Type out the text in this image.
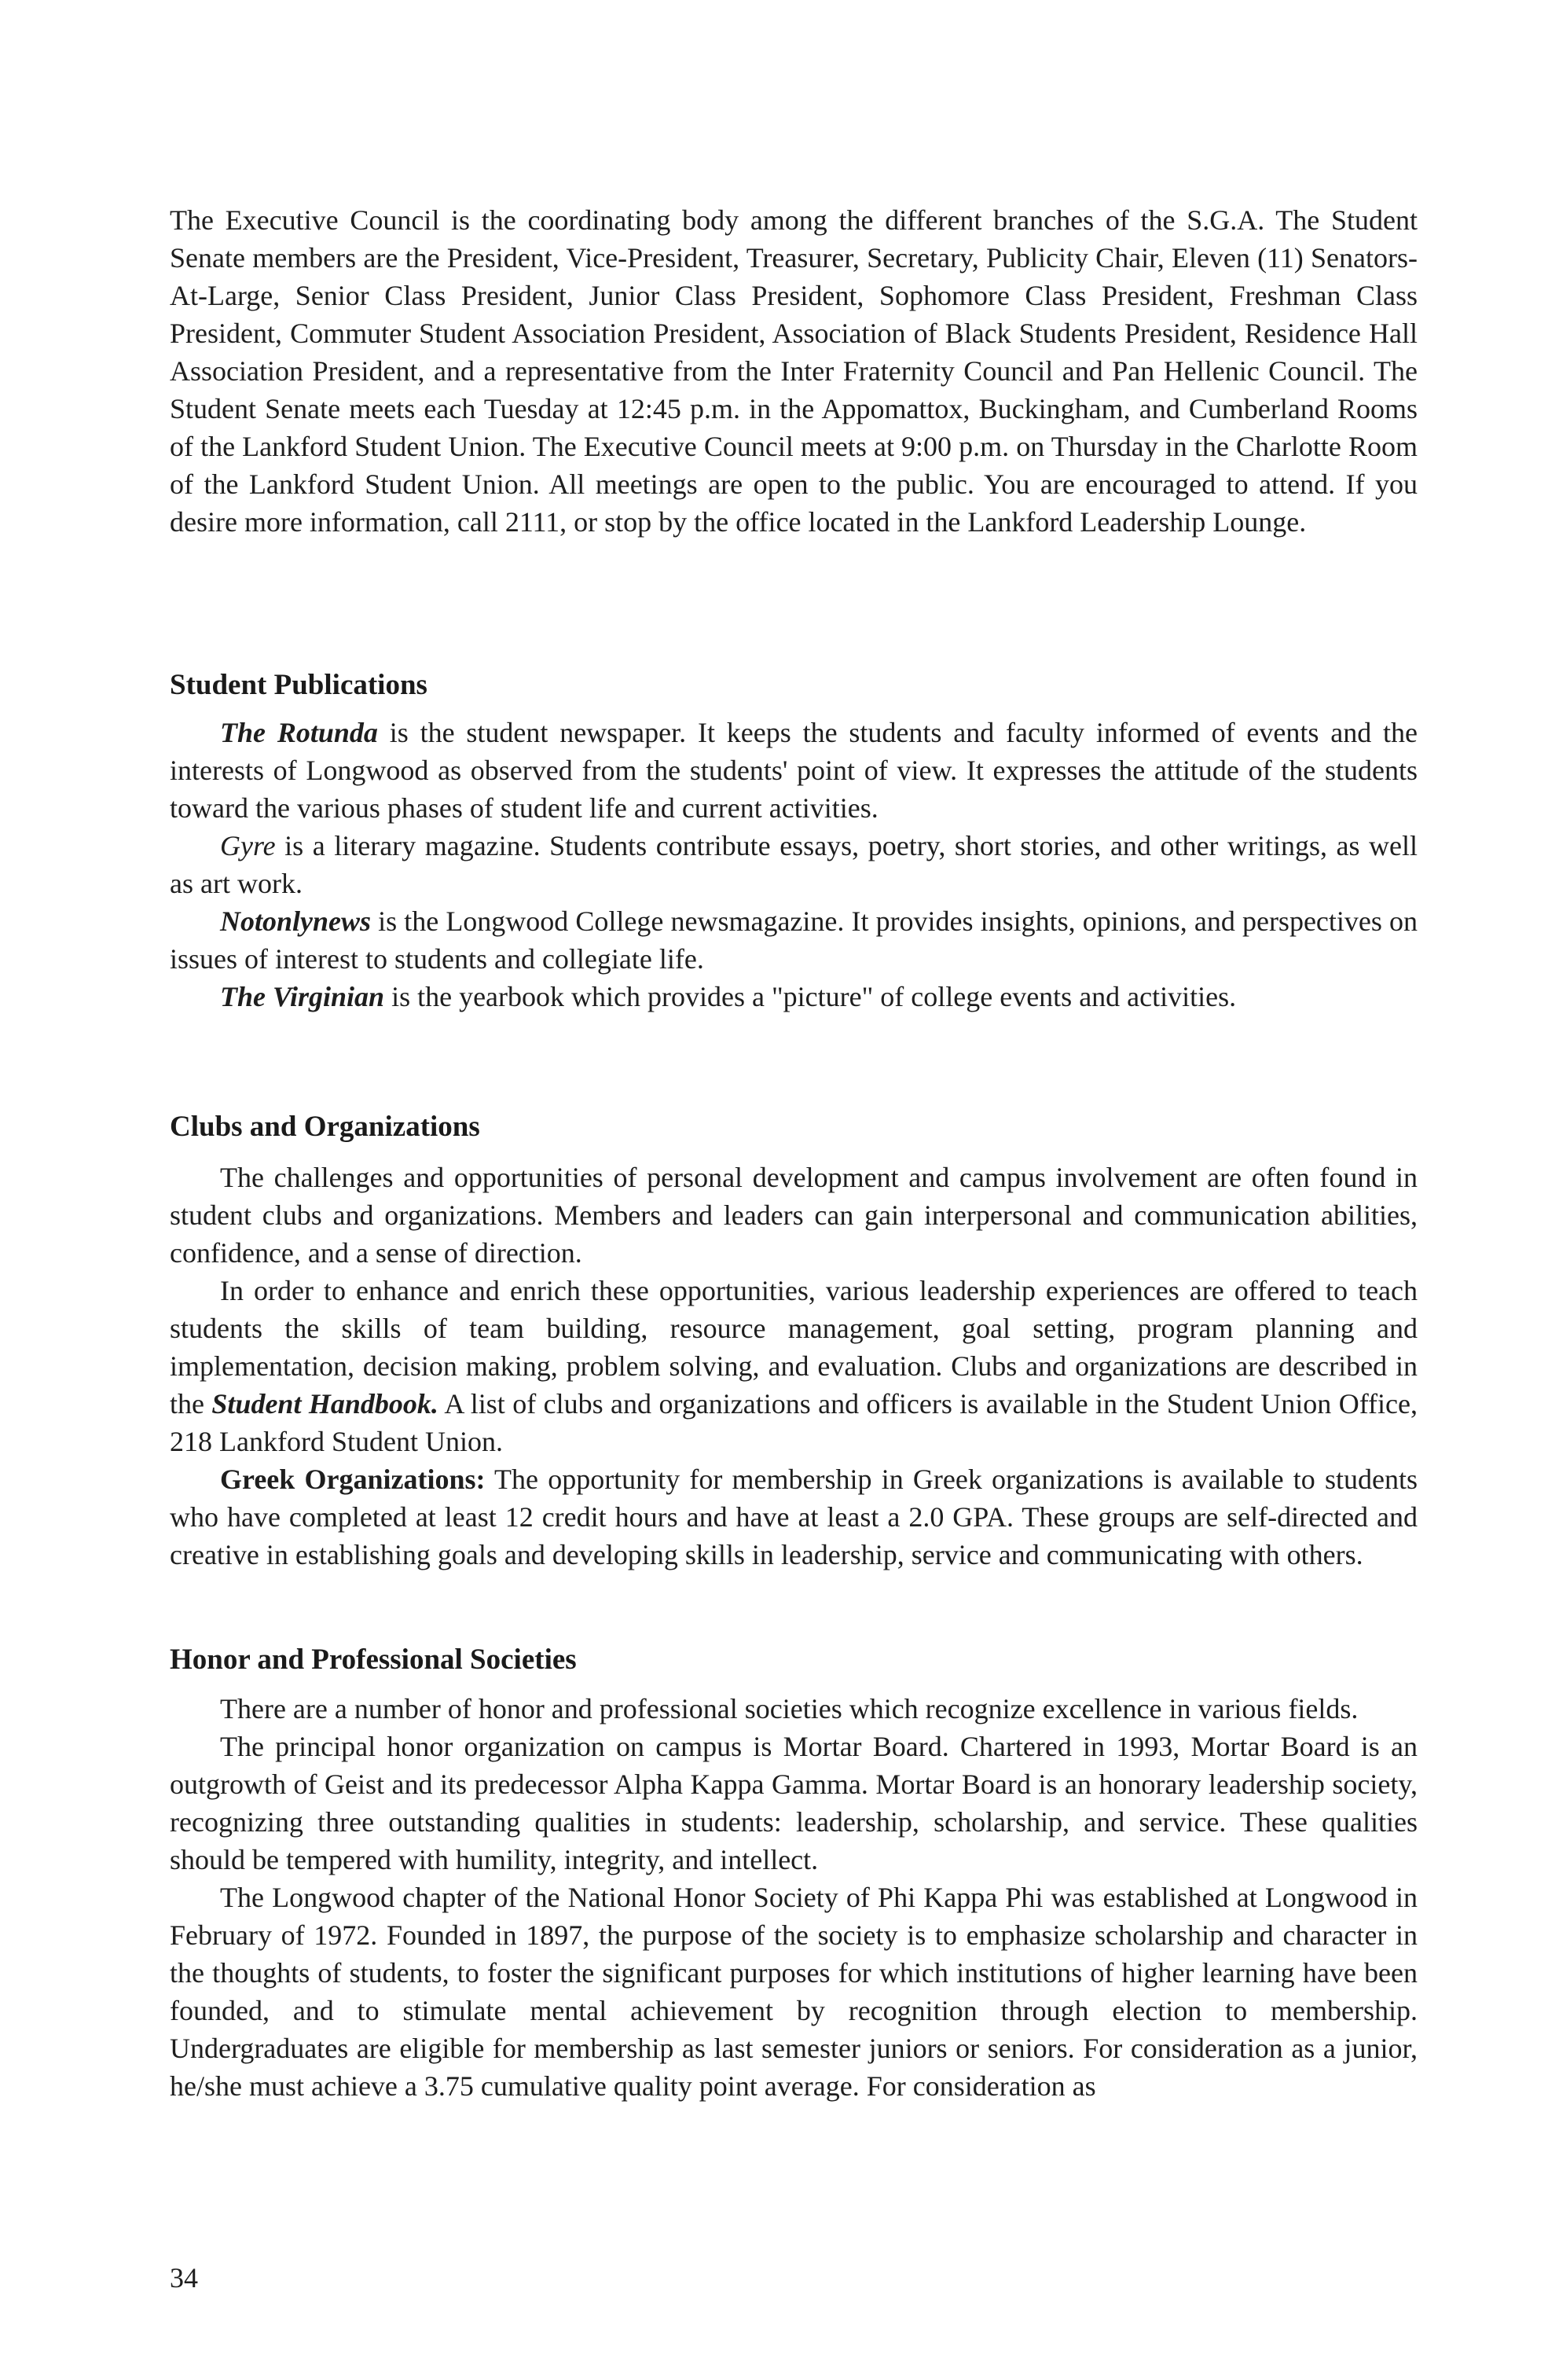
The Executive Council is the coordinating body among the different branches of the S.G.A. The Student Senate members are the President, Vice-President, Treasurer, Secretary, Publicity Chair, Eleven (11) Senators-At-Large, Senior Class President, Junior Class President, Sophomore Class President, Freshman Class President, Commuter Student Association President, Association of Black Students President, Residence Hall Association President, and a representative from the Inter Fraternity Council and Pan Hellenic Council. The Student Senate meets each Tuesday at 12:45 p.m. in the Appomattox, Buckingham, and Cumberland Rooms of the Lankford Student Union. The Executive Council meets at 9:00 p.m. on Thursday in the Charlotte Room of the Lankford Student Union. All meetings are open to the public. You are encouraged to attend. If you desire more information, call 2111, or stop by the office located in the Lankford Leadership Lounge.

Student Publications

The Rotunda is the student newspaper. It keeps the students and faculty informed of events and the interests of Longwood as observed from the students' point of view. It expresses the attitude of the students toward the various phases of student life and current activities.

Gyre is a literary magazine. Students contribute essays, poetry, short stories, and other writings, as well as art work.

Notonlynews is the Longwood College newsmagazine. It provides insights, opinions, and perspectives on issues of interest to students and collegiate life.

The Virginian is the yearbook which provides a "picture" of college events and activities.

Clubs and Organizations

The challenges and opportunities of personal development and campus involvement are often found in student clubs and organizations. Members and leaders can gain interpersonal and communication abilities, confidence, and a sense of direction.

In order to enhance and enrich these opportunities, various leadership experiences are offered to teach students the skills of team building, resource management, goal setting, program planning and implementation, decision making, problem solving, and evaluation. Clubs and organizations are described in the Student Handbook. A list of clubs and organizations and officers is available in the Student Union Office, 218 Lankford Student Union.

Greek Organizations: The opportunity for membership in Greek organizations is available to students who have completed at least 12 credit hours and have at least a 2.0 GPA. These groups are self-directed and creative in establishing goals and developing skills in leadership, service and communicating with others.

Honor and Professional Societies

There are a number of honor and professional societies which recognize excellence in various fields.

The principal honor organization on campus is Mortar Board. Chartered in 1993, Mortar Board is an outgrowth of Geist and its predecessor Alpha Kappa Gamma. Mortar Board is an honorary leadership society, recognizing three outstanding qualities in students: leadership, scholarship, and service. These qualities should be tempered with humility, integrity, and intellect.

The Longwood chapter of the National Honor Society of Phi Kappa Phi was established at Longwood in February of 1972. Founded in 1897, the purpose of the society is to emphasize scholarship and character in the thoughts of students, to foster the significant purposes for which institutions of higher learning have been founded, and to stimulate mental achievement by recognition through election to membership. Undergraduates are eligible for membership as last semester juniors or seniors. For consideration as a junior, he/she must achieve a 3.75 cumulative quality point average. For consideration as

34
